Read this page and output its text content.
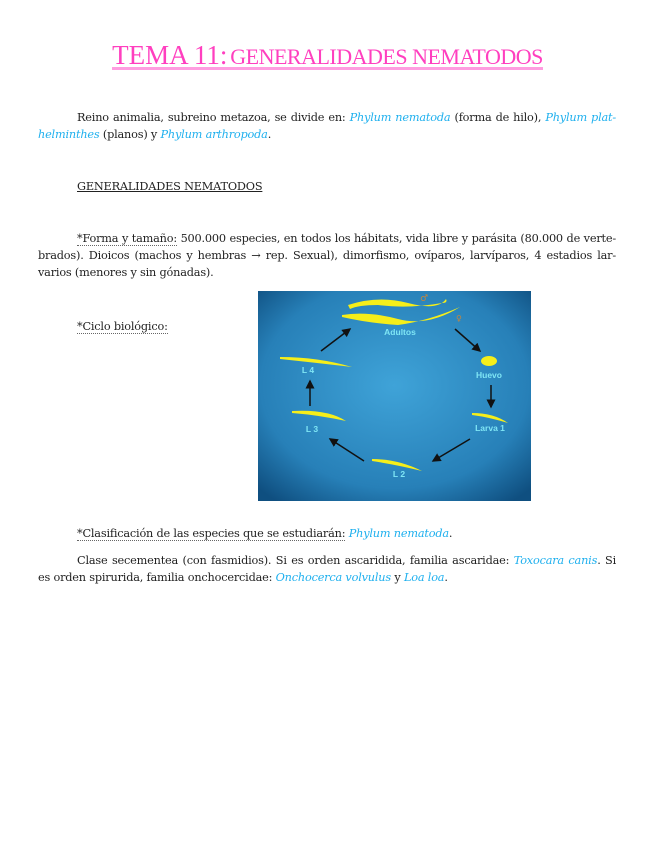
TEMA 11: GENERALIDADES NEMATODOS
Reino animalia, subreino metazoa, se divide en: Phylum nematoda (forma de hilo), Phylum plat-helminthes (planos) y Phylum arthropoda.
GENERALIDADES NEMATODOS
*Forma y tamaño: 500.000 especies, en todos los hábitats, vida libre y parásita (80.000 de verte-brados). Dioicos (machos y hembras → rep. Sexual), dimorfismo, ovíparos, larvíparos, 4 estadios lar-varios (menores y sin gónadas).
*Ciclo biológico:	Adultos
Huevo
Larva 1
L 2
L 3
L 4
♂
♀
*Clasificación de las especies que se estudiarán: Phylum nematoda.
Clase secementea (con fasmidios). Si es orden ascaridida, familia ascaridae: Toxocara canis. Si es orden spirurida, familia onchocercidae: Onchocerca volvulus y Loa loa.
